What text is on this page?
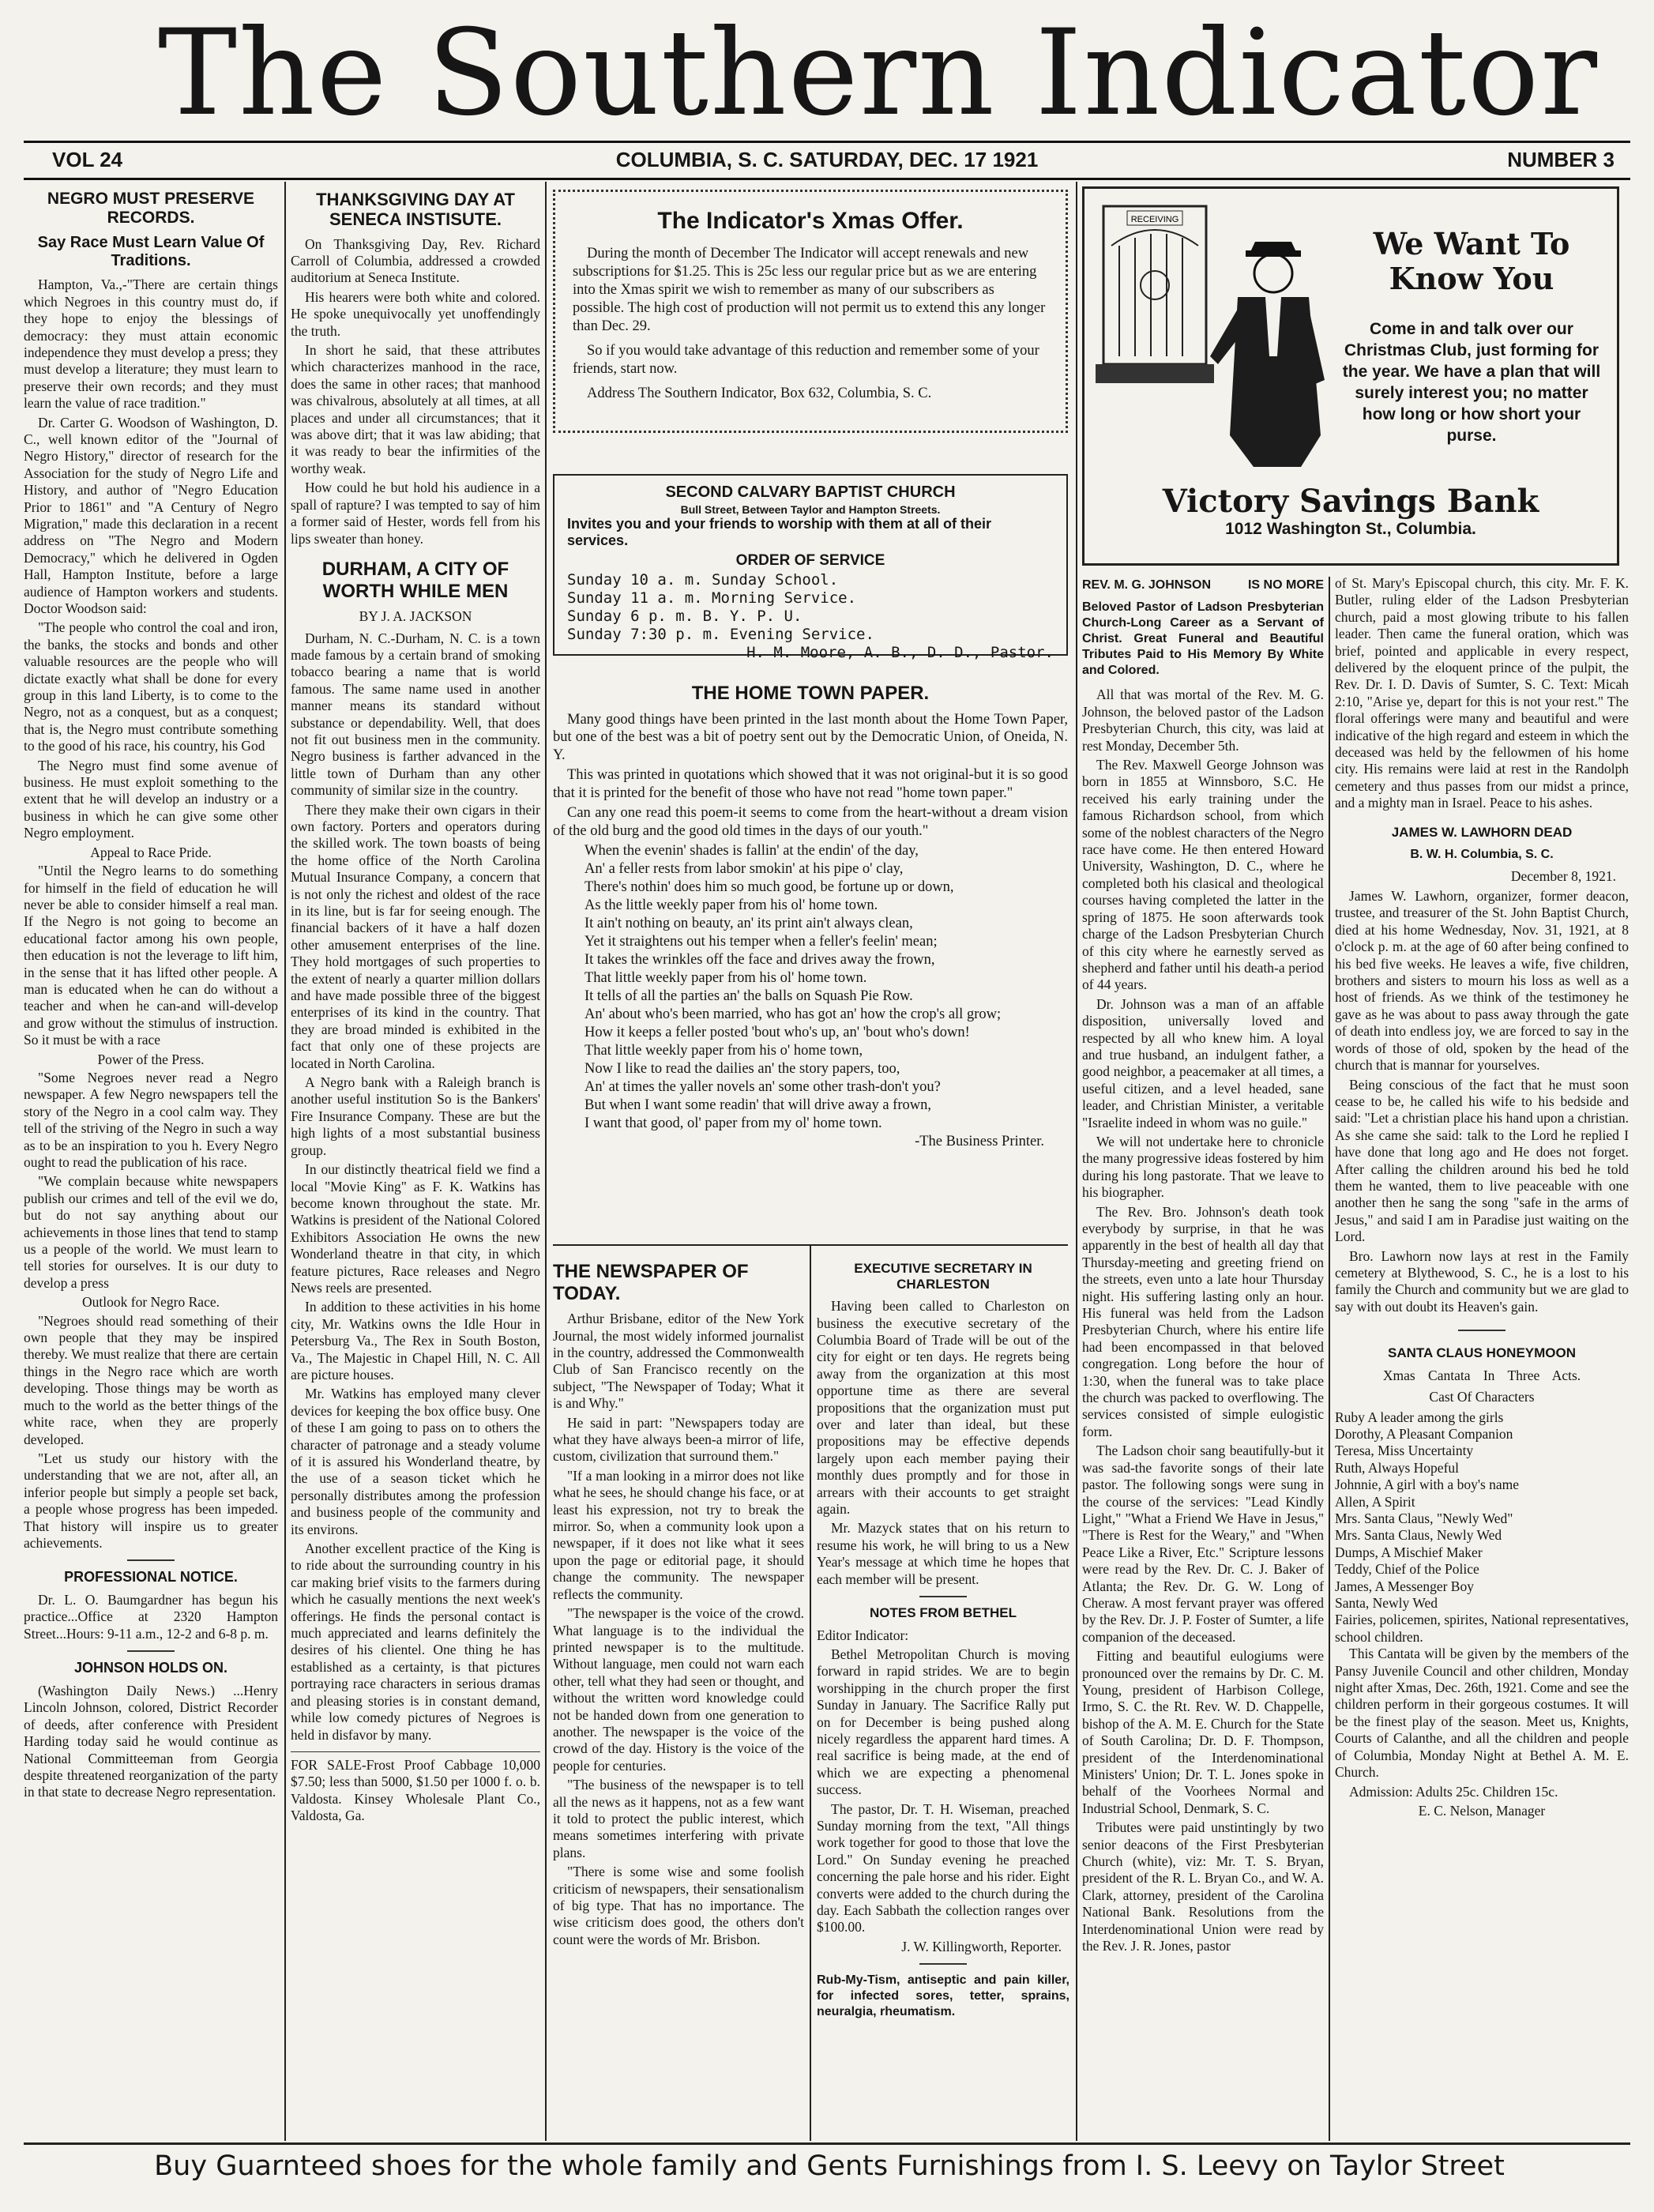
The Southern Indicator
VOL 24	COLUMBIA, S. C. SATURDAY, DEC. 17 1921	NUMBER 3
NEGRO MUST PRESERVE RECORDS.
Say Race Must Learn Value Of Traditions.

Hampton, Va.,-"There are certain things which Negroes in this country must do, if they hope to enjoy the blessings of democracy: they must attain economic independence they must develop a press; they must develop a literature; they must learn to preserve their own records; and they must learn the value of race tradition."

Dr. Carter G. Woodson of Washington, D. C., well known editor of the "Journal of Negro History," director of research for the Association for the study of Negro Life and History, and author of "Negro Education Prior to 1861" and "A Century of Negro Migration," made this declaration in a recent address on "The Negro and Modern Democracy," which he delivered in Ogden Hall, Hampton Institute, before a large audience of Hampton workers and students. Doctor Woodson said:

"The people who control the coal and iron, the banks, the stocks and bonds and other valuable resources are the people who will dictate exactly what shall be done for every group in this land Liberty, is to come to the Negro, not as a conquest, but as a conquest; that is, the Negro must contribute something to the good of his race, his country, his God

The Negro must find some avenue of business. He must exploit something to the extent that he will develop an industry or a business in which he can give some other Negro employment.

Appeal to Race Pride.

"Until the Negro learns to do something for himself in the field of education he will never be able to consider himself a real man. If the Negro is not going to become an educational factor among his own people, then education is not the leverage to lift him, in the sense that it has lifted other people. A man is educated when he can do without a teacher and when he can-and will-develop and grow without the stimulus of instruction. So it must be with a race

Power of the Press.

"Some Negroes never read a Negro newspaper. A few Negro newspapers tell the story of the Negro in a cool calm way. They tell of the striving of the Negro in such a way as to be an inspiration to you h. Every Negro ought to read the publication of his race.

"We complain because white newspapers publish our crimes and tell of the evil we do, but do not say anything about our achievements in those lines that tend to stamp us a people of the world. We must learn to tell stories for ourselves. It is our duty to develop a press

Outlook for Negro Race.

"Negroes should read something of their own people that they may be inspired thereby. We must realize that there are certain things in the Negro race which are worth developing. Those things may be worth as much to the world as the better things of the white race, when they are properly developed.

"Let us study our history with the understanding that we are not, after all, an inferior people but simply a people set back, a people whose progress has been impeded. That history will inspire us to greater achievements.

PROFESSIONAL NOTICE.

Dr. L. O. Baumgardner has begun his practice...Office at 2320 Hampton Street...Hours: 9-11 a.m., 12-2 and 6-8 p. m.

JOHNSON HOLDS ON.

(Washington Daily News.) ...Henry Lincoln Johnson, colored, District Recorder of deeds, after conference with President Harding today said he would continue as National Committeeman from Georgia despite threatened reorganization of the party in that state to decrease Negro representation.

THANKSGIVING DAY AT SENECA INSTISUTE.

On Thanksgiving Day, Rev. Richard Carroll of Columbia, addressed a crowded auditorium at Seneca Institute.

His hearers were both white and colored. He spoke unequivocally yet unoffendingly the truth.

In short he said, that these attributes which characterizes manhood in the race, does the same in other races; that manhood was chivalrous, absolutely at all times, at all places and under all circumstances; that it was above dirt; that it was law abiding; that it was ready to bear the infirmities of the worthy weak.

How could he but hold his audience in a spall of rapture? I was tempted to say of him a former said of Hester, words fell from his lips sweater than honey.

DURHAM, A CITY OF WORTH WHILE MEN
BY J. A. JACKSON

Durham, N. C.-Durham, N. C. is a town made famous by a certain brand of smoking tobacco bearing a name that is world famous. The same name used in another manner means its standard without substance or dependability. Well, that does not fit out business men in the community. Negro business is farther advanced in the little town of Durham than any other community of similar size in the country.

There they make their own cigars in their own factory. Porters and operators during the skilled work. The town boasts of being the home office of the North Carolina Mutual Insurance Company, a concern that is not only the richest and oldest of the race in its line, but is far for seeing enough. The financial backers of it have a half dozen other amusement enterprises of the line. They hold mortgages of such properties to the extent of nearly a quarter million dollars and have made possible three of the biggest enterprises of its kind in the country. That they are broad minded is exhibited in the fact that only one of these projects are located in North Carolina.

A Negro bank with a Raleigh branch is another useful institution So is the Bankers' Fire Insurance Company. These are but the high lights of a most substantial business group.

In our distinctly theatrical field we find a local "Movie King" as F. K. Watkins has become known throughout the state. Mr. Watkins is president of the National Colored Exhibitors Association He owns the new Wonderland theatre in that city, in which feature pictures, Race releases and Negro News reels are presented.

In addition to these activities in his home city, Mr. Watkins owns the Idle Hour in Petersburg Va., The Rex in South Boston, Va., The Majestic in Chapel Hill, N. C. All are picture houses.

Mr. Watkins has employed many clever devices for keeping the box office busy. One of these I am going to pass on to others the character of patronage and a steady volume of it is assured his Wonderland theatre, by the use of a season ticket which he personally distributes among the profession and business people of the community and its environs.

Another excellent practice of the King is to ride about the surrounding country in his car making brief visits to the farmers during which he casually mentions the next week's offerings. He finds the personal contact is much appreciated and learns definitely the desires of his clientel. One thing he has established as a certainty, is that pictures portraying race characters in serious dramas and pleasing stories is in constant demand, while low comedy pictures of Negroes is held in disfavor by many.

FOR SALE-Frost Proof Cabbage 10,000 $7.50; less than 5000, $1.50 per 1000 f. o. b. Valdosta. Kinsey Wholesale Plant Co., Valdosta, Ga.
The Indicator's Xmas Offer.

During the month of December The Indicator will accept renewals and new subscriptions for $1.25. This is 25c less our regular price but as we are entering into the Xmas spirit we wish to remember as many of our subscribers as possible. The high cost of production will not permit us to extend this any longer than Dec. 29.

So if you would take advantage of this reduction and remember some of your friends, start now.

Address The Southern Indicator, Box 632, Columbia, S. C.

SECOND CALVARY BAPTIST CHURCH
Bull Street, Between Taylor and Hampton Streets.
Invites you and your friends to worship with them at all of their services.
ORDER OF SERVICE
Sunday 10 a. m. Sunday School.
Sunday 11 a. m. Morning Service.
Sunday 6 p. m. B. Y. P. U.
Sunday 7:30 p. m. Evening Service.
H. M. Moore, A. B., D. D., Pastor.
THE HOME TOWN PAPER.

Many good things have been printed in the last month about the Home Town Paper, but one of the best was a bit of poetry sent out by the Democratic Union, of Oneida, N. Y.

This was printed in quotations which showed that it was not original-but it is so good that it is printed for the benefit of those who have not read "home town paper."

Can any one read this poem-it seems to come from the heart-without a dream vision of the old burg and the good old times in the days of our youth."

When the evenin' shades is fallin' at the endin' of the day,
An' a feller rests from labor smokin' at his pipe o' clay,
There's nothin' does him so much good, be fortune up or down,
As the little weekly paper from his ol' home town.
It ain't nothing on beauty, an' its print ain't always clean,
Yet it straightens out his temper when a feller's feelin' mean;
It takes the wrinkles off the face and drives away the frown,
That little weekly paper from his ol' home town.
It tells of all the parties an' the balls on Squash Pie Row.
An' about who's been married, who has got an' how the crop's all grow;
How it keeps a feller posted 'bout who's up, an' 'bout who's down!
That little weekly paper from his o' home town,
Now I like to read the dailies an' the story papers, too,
An' at times the yaller novels an' some other trash-don't you?
But when I want some readin' that will drive away a frown,
I want that good, ol' paper from my ol' home town.
-The Business Printer.
THE NEWSPAPER OF TODAY.

Arthur Brisbane, editor of the New York Journal, the most widely informed journalist in the country, addressed the Commonwealth Club of San Francisco recently on the subject, "The Newspaper of Today; What it is and Why."

He said in part: "Newspapers today are what they have always been-a mirror of life, custom, civilization that surround them."

"If a man looking in a mirror does not like what he sees, he should change his face, or at least his expression, not try to break the mirror. So, when a community look upon a newspaper, if it does not like what it sees upon the page or editorial page, it should change the community. The newspaper reflects the community.

"The newspaper is the voice of the crowd. What language is to the individual the printed newspaper is to the multitude. Without language, men could not warn each other, tell what they had seen or thought, and without the written word knowledge could not be handed down from one generation to another. The newspaper is the voice of the crowd of the day. History is the voice of the people for centuries.

"The business of the newspaper is to tell all the news as it happens, not as a few want it told to protect the public interest, which means sometimes interfering with private plans.

"There is some wise and some foolish criticism of newspapers, their sensationalism of big type. That has no importance. The wise criticism does good, the others don't count were the words of Mr. Brisbon.

EXECUTIVE SECRETARY IN CHARLESTON

Having been called to Charleston on business the executive secretary of the Columbia Board of Trade will be out of the city for eight or ten days. He regrets being away from the organization at this most opportune time as there are several propositions that the organization must put over and later than ideal, but these propositions may be effective depends largely upon each member paying their monthly dues promptly and for those in arrears with their accounts to get straight again.

Mr. Mazyck states that on his return to resume his work, he will bring to us a New Year's message at which time he hopes that each member will be present.

NOTES FROM BETHEL

Editor Indicator:

Bethel Metropolitan Church is moving forward in rapid strides. We are to begin worshipping in the church proper the first Sunday in January. The Sacrifice Rally put on for December is being pushed along nicely regardless the apparent hard times. A real sacrifice is being made, at the end of which we are expecting a phenomenal success.

The pastor, Dr. T. H. Wiseman, preached Sunday morning from the text, "All things work together for good to those that love the Lord." On Sunday evening he preached concerning the pale horse and his rider. Eight converts were added to the church during the day. Each Sabbath the collection ranges over $100.00.

J. W. Killingworth, Reporter.
Rub-My-Tism, antiseptic and pain killer, for infected sores, tetter, sprains, neuralgia, rheumatism.
RECEIVING
We Want To Know You
Come in and talk over our Christmas Club, just forming for the year. We have a plan that will surely interest you; no matter how long or how short your purse.
Victory Savings Bank
1012 Washington St., Columbia.
REV. M. G. JOHNSON	IS NO MORE

Beloved Pastor of Ladson Presbyterian Church-Long Career as a Servant of Christ. Great Funeral and Beautiful Tributes Paid to His Memory By White and Colored.

All that was mortal of the Rev. M. G. Johnson, the beloved pastor of the Ladson Presbyterian Church, this city, was laid at rest Monday, December 5th.

The Rev. Maxwell George Johnson was born in 1855 at Winnsboro, S.C. He received his early training under the famous Richardson school, from which some of the noblest characters of the Negro race have come. He then entered Howard University, Washington, D. C., where he completed both his clasical and theological courses having completed the latter in the spring of 1875. He soon afterwards took charge of the Ladson Presbyterian Church of this city where he earnestly served as shepherd and father until his death-a period of 44 years.

Dr. Johnson was a man of an affable disposition, universally loved and respected by all who knew him. A loyal and true husband, an indulgent father, a good neighbor, a peacemaker at all times, a useful citizen, and a level headed, sane leader, and Christian Minister, a veritable "Israelite indeed in whom was no guile."

We will not undertake here to chronicle the many progressive ideas fostered by him during his long pastorate. That we leave to his biographer.

The Rev. Bro. Johnson's death took everybody by surprise, in that he was apparently in the best of health all day that Thursday-meeting and greeting friend on the streets, even unto a late hour Thursday night. His suffering lasting only an hour. His funeral was held from the Ladson Presbyterian Church, where his entire life had been encompassed in that beloved congregation. Long before the hour of 1:30, when the funeral was to take place the church was packed to overflowing. The services consisted of simple eulogistic form.

The Ladson choir sang beautifully-but it was sad-the favorite songs of their late pastor. The following songs were sung in the course of the services: "Lead Kindly Light," "What a Friend We Have in Jesus," "There is Rest for the Weary," and "When Peace Like a River, Etc." Scripture lessons were read by the Rev. Dr. C. J. Baker of Atlanta; the Rev. Dr. G. W. Long of Cheraw. A most fervant prayer was offered by the Rev. Dr. J. P. Foster of Sumter, a life companion of the deceased.

Fitting and beautiful eulogiums were pronounced over the remains by Dr. C. M. Young, president of Harbison College, Irmo, S. C. the Rt. Rev. W. D. Chappelle, bishop of the A. M. E. Church for the State of South Carolina; Dr. D. F. Thompson, president of the Interdenominational Ministers' Union; Dr. T. L. Jones spoke in behalf of the Voorhees Normal and Industrial School, Denmark, S. C.

Tributes were paid unstintingly by two senior deacons of the First Presbyterian Church (white), viz: Mr. T. S. Bryan, president of the R. L. Bryan Co., and W. A. Clark, attorney, president of the Carolina National Bank. Resolutions from the Interdenominational Union were read by the Rev. J. R. Jones, pastor

of St. Mary's Episcopal church, this city. Mr. F. K. Butler, ruling elder of the Ladson Presbyterian church, paid a most glowing tribute to his fallen leader. Then came the funeral oration, which was brief, pointed and applicable in every respect, delivered by the eloquent prince of the pulpit, the Rev. Dr. I. D. Davis of Sumter, S. C. Text: Micah 2:10, "Arise ye, depart for this is not your rest." The floral offerings were many and beautiful and were indicative of the high regard and esteem in which the deceased was held by the fellowmen of his home city. His remains were laid at rest in the Randolph cemetery and thus passes from our midst a prince, and a mighty man in Israel. Peace to his ashes.

JAMES W. LAWHORN DEAD
B. W. H. Columbia, S. C.
December 8, 1921.

James W. Lawhorn, organizer, former deacon, trustee, and treasurer of the St. John Baptist Church, died at his home Wednesday, Nov. 31, 1921, at 8 o'clock p. m. at the age of 60 after being confined to his bed five weeks. He leaves a wife, five children, brothers and sisters to mourn his loss as well as a host of friends. As we think of the testimoney he gave as he was about to pass away through the gate of death into endless joy, we are forced to say in the words of those of old, spoken by the head of the church that is mannar for yourselves.

Being conscious of the fact that he must soon cease to be, he called his wife to his bedside and said: "Let a christian place his hand upon a christian. As she came she said: talk to the Lord he replied I have done that long ago and He does not forget. After calling the children around his bed he told them he wanted, them to live peaceable with one another then he sang the song "safe in the arms of Jesus," and said I am in Paradise just waiting on the Lord.

Bro. Lawhorn now lays at rest in the Family cemetery at Blythewood, S. C., he is a lost to his family the Church and community but we are glad to say with out doubt its Heaven's gain.

SANTA CLAUS HONEYMOON
Xmas Cantata In Three Acts.
Cast Of Characters
Ruby A leader among the girls
Dorothy, A Pleasant Companion
Teresa, Miss Uncertainty
Ruth, Always Hopeful
Johnnie, A girl with a boy's name
Allen, A Spirit
Mrs. Santa Claus, "Newly Wed"
Mrs. Santa Claus, Newly Wed
Dumps, A Mischief Maker
Teddy, Chief of the Police
James, A Messenger Boy
Santa, Newly Wed
Fairies, policemen, spirites, National representatives, school children.

This Cantata will be given by the members of the Pansy Juvenile Council and other children, Monday night after Xmas, Dec. 26th, 1921. Come and see the children perform in their gorgeous costumes. It will be the finest play of the season. Meet us, Knights, Courts of Calanthe, and all the children and people of Columbia, Monday Night at Bethel A. M. E. Church.

Admission: Adults 25c. Children 15c.

E. C. Nelson, Manager
Buy Guarnteed shoes for the whole family and Gents Furnishings from I. S. Leevy on Taylor Street
